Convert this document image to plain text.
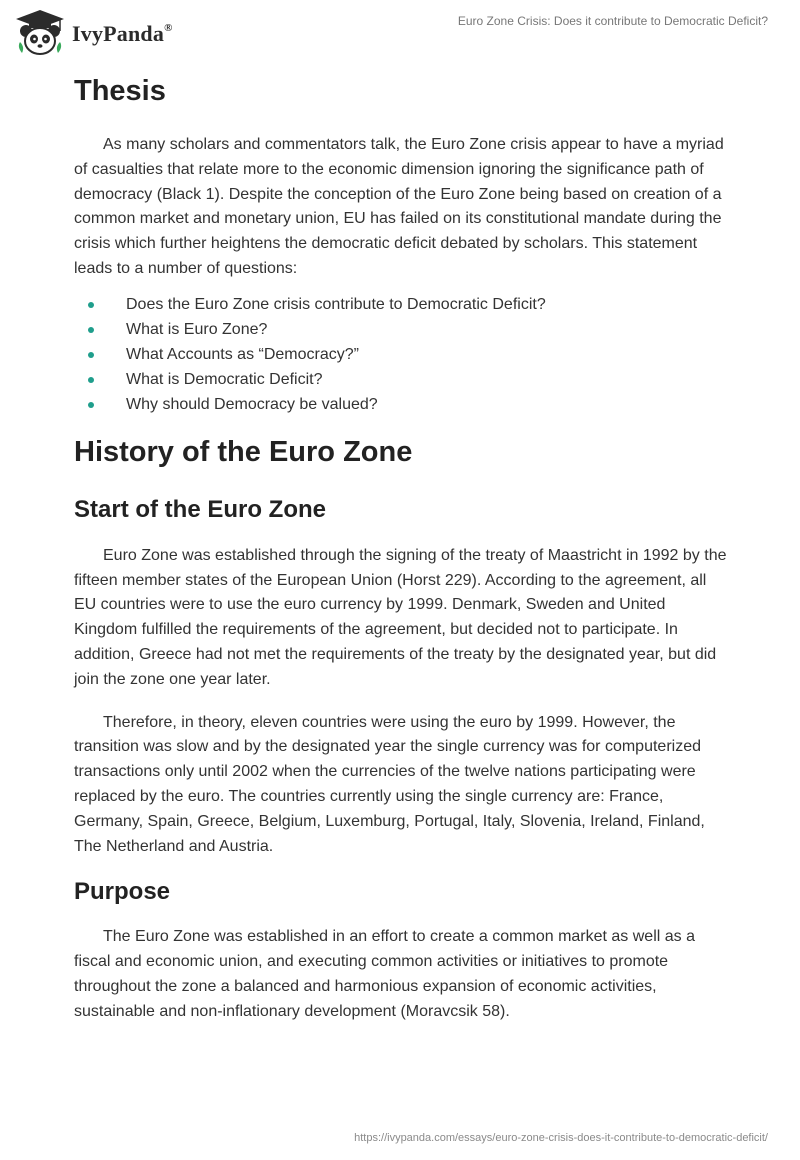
IvyPanda®	Euro Zone Crisis: Does it contribute to Democratic Deficit?
Thesis

As many scholars and commentators talk, the Euro Zone crisis appear to have a myriad of casualties that relate more to the economic dimension ignoring the significance path of democracy (Black 1). Despite the conception of the Euro Zone being based on creation of a common market and monetary union, EU has failed on its constitutional mandate during the crisis which further heightens the democratic deficit debated by scholars. This statement leads to a number of questions:

Does the Euro Zone crisis contribute to Democratic Deficit?
What is Euro Zone?
What Accounts as “Democracy?”
What is Democratic Deficit?
Why should Democracy be valued?
History of the Euro Zone
Start of the Euro Zone

Euro Zone was established through the signing of the treaty of Maastricht in 1992 by the fifteen member states of the European Union (Horst 229). According to the agreement, all EU countries were to use the euro currency by 1999. Denmark, Sweden and United Kingdom fulfilled the requirements of the agreement, but decided not to participate. In addition, Greece had not met the requirements of the treaty by the designated year, but did join the zone one year later.

Therefore, in theory, eleven countries were using the euro by 1999. However, the transition was slow and by the designated year the single currency was for computerized transactions only until 2002 when the currencies of the twelve nations participating were replaced by the euro. The countries currently using the single currency are: France, Germany, Spain, Greece, Belgium, Luxemburg, Portugal, Italy, Slovenia, Ireland, Finland, The Netherland and Austria.

Purpose

The Euro Zone was established in an effort to create a common market as well as a fiscal and economic union, and executing common activities or initiatives to promote throughout the zone a balanced and harmonious expansion of economic activities, sustainable and non-inflationary development (Moravcsik 58).

https://ivypanda.com/essays/euro-zone-crisis-does-it-contribute-to-democratic-deficit/
